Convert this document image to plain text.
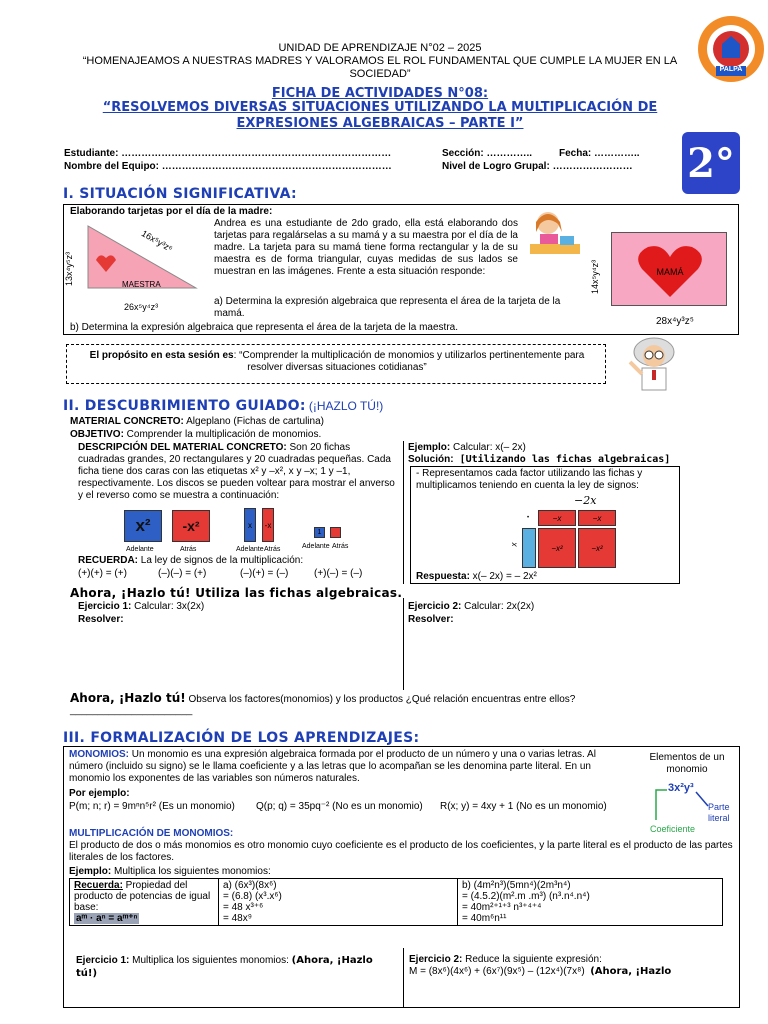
UNIDAD DE APRENDIZAJE N°02 – 2025
“HOMENAJEAMOS A NUESTRAS MADRES Y VALORAMOS EL ROL FUNDAMENTAL QUE CUMPLE LA MUJER EN LA SOCIEDAD”
FICHA DE ACTIVIDADES N°08:
“RESOLVEMOS DIVERSAS SITUACIONES UTILIZANDO LA MULTIPLICACIÓN DE EXPRESIONES ALGEBRAICAS – PARTE I”
PALPA
Estudiante: ………………………………………………………………………	Sección: …………..	Fecha: …………..
Nombre del Equipo: ……………………………………………………………	Nivel de Logro Grupal: …………………… 2°
I. SITUACIÓN SIGNIFICATIVA:
Elaborando tarjetas por el día de la madre:
MAESTRA
13x⁴y⁵z³
16x⁵y³z⁶
26x⁵y⁴z³
Andrea es una estudiante de 2do grado, ella está elaborando dos tarjetas para regalárselas a su mamá y a su maestra por el día de la madre. La tarjeta para su mamá tiene forma rectangular y la de su maestra es de forma triangular, cuyas medidas de sus lados se muestran en las imágenes. Frente a esta situación responde:
a) Determina la expresión algebraica que representa el área de la tarjeta de la mamá.
b) Determina la expresión algebraica que representa el área de la tarjeta de la maestra.
MAMÁ
14x⁵y⁴z³
28x⁴y³z⁵
El propósito en esta sesión es: “Comprender la multiplicación de monomios y utilizarlos pertinentemente para resolver diversas situaciones cotidianas”
II. DESCUBRIMIENTO GUIADO: (¡HAZLO TÚ!)
MATERIAL CONCRETO: Algeplano (Fichas de cartulina)
OBJETIVO: Comprender la multiplicación de monomios.
DESCRIPCIÓN DEL MATERIAL CONCRETO: Son 20 fichas cuadradas grandes, 20 rectangulares y 20 cuadradas pequeñas. Cada ficha tiene dos caras con las etiquetas x² y –x², x y –x; 1 y –1, respectivamente. Los discos se pueden voltear para mostrar el anverso y el reverso como se muestra a continuación:
x²	-x²
Adelante	Atrás
x	-x
Adelante Atrás
1
Adelante Atrás
RECUERDA: La ley de signos de la multiplicación:
(+)(+) = (+)	(–)(–) = (+)	(–)(+) = (–)	(+)(–) = (–)
Ejemplo: Calcular: x(– 2x)
Solución: [Utilizando las fichas algebraicas]
- Representamos cada factor utilizando las fichas y multiplicamos teniendo en cuenta la ley de signos:
−2x
•	−x	−x
x	−x²	−x²
Respuesta: x(– 2x) = – 2x²
Ahora, ¡Hazlo tú! Utiliza las fichas algebraicas.
Ejercicio 1: Calcular: 3x(2x)
Resolver:
Ejercicio 2: Calcular: 2x(2x)
Resolver:
Ahora, ¡Hazlo tú! Observa los factores(monomios) y los productos ¿Qué relación encuentras entre ellos?
______________________
III. FORMALIZACIÓN DE LOS APRENDIZAJES:
MONOMIOS: Un monomio es una expresión algebraica formada por el producto de un número y una o varias letras. Al número (incluido su signo) se le llama coeficiente y a las letras que lo acompañan se les denomina parte literal. En un monomio los exponentes de las variables son números naturales.
Por ejemplo:
P(m; n; r) = 9mⁿn⁵r² (Es un monomio) Q(p; q) = 35pq⁻² (No es un monomio) R(x; y) = 4xy + 1 (No es un monomio)
Elementos de un monomio
3x²y³
Coeficiente
Parte literal
MULTIPLICACIÓN DE MONOMIOS:
El producto de dos o más monomios es otro monomio cuyo coeficiente es el producto de los coeficientes, y la parte literal es el producto de las partes literales de los factores.
Ejemplo: Multiplica los siguientes monomios:
Recuerda: Propiedad del producto de potencias de igual base:
aᵐ · aⁿ = aᵐ⁺ⁿ	
a) (6x³)(8x⁶)
= (6.8) (x³.x⁶)
= 48 x³⁺⁶
= 48x⁹

b) (4m²n³)(5mn⁴)(2m³n⁴)
= (4.5.2)(m².m .m³) (n³.n⁴.n⁴)
= 40m²⁺¹⁺³ n³⁺⁴⁺⁴
= 40m⁶n¹¹
Ejercicio 1: Multiplica los siguientes monomios: (Ahora, ¡Hazlo tú!)
Ejercicio 2: Reduce la siguiente expresión:
M = (8x⁶)(4x⁶) + (6x⁷)(9x⁵) – (12x⁴)(7x⁸) (Ahora, ¡Hazlo
